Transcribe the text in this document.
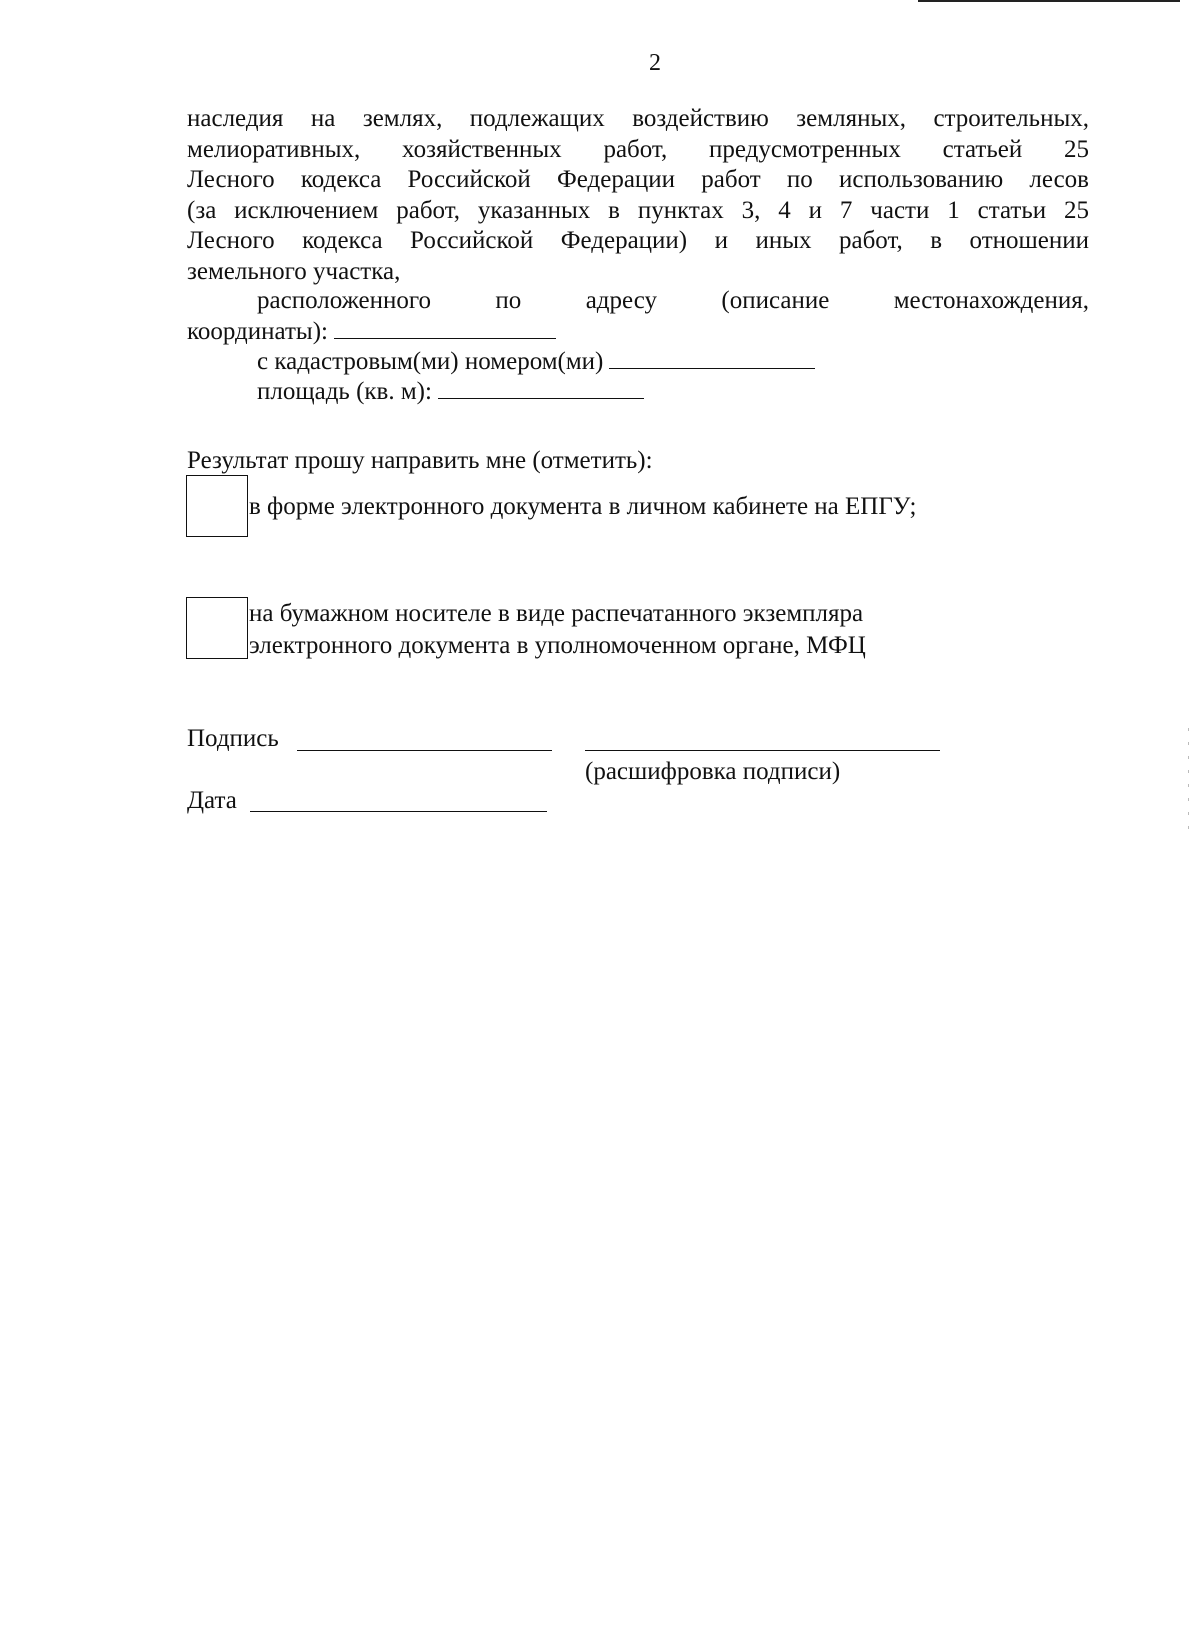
2
наследия на землях, подлежащих воздействию земляных, строительных,
мелиоративных, хозяйственных работ, предусмотренных статьей 25
Лесного кодекса Российской Федерации работ по использованию лесов
(за исключением работ, указанных в пунктах 3, 4 и 7 части 1 статьи 25
Лесного кодекса Российской Федерации) и иных работ, в отношении
земельного участка,
расположенного	по	адресу	(описание	местонахождения,
координаты):
с кадастровым(ми) номером(ми)
площадь (кв. м):
Результат прошу направить мне (отметить):
в форме электронного документа в личном кабинете на ЕПГУ;
на бумажном носителе в виде распечатанного экземпляра
электронного документа в уполномоченном органе, МФЦ
Подпись
(расшифровка подписи)
Дата
